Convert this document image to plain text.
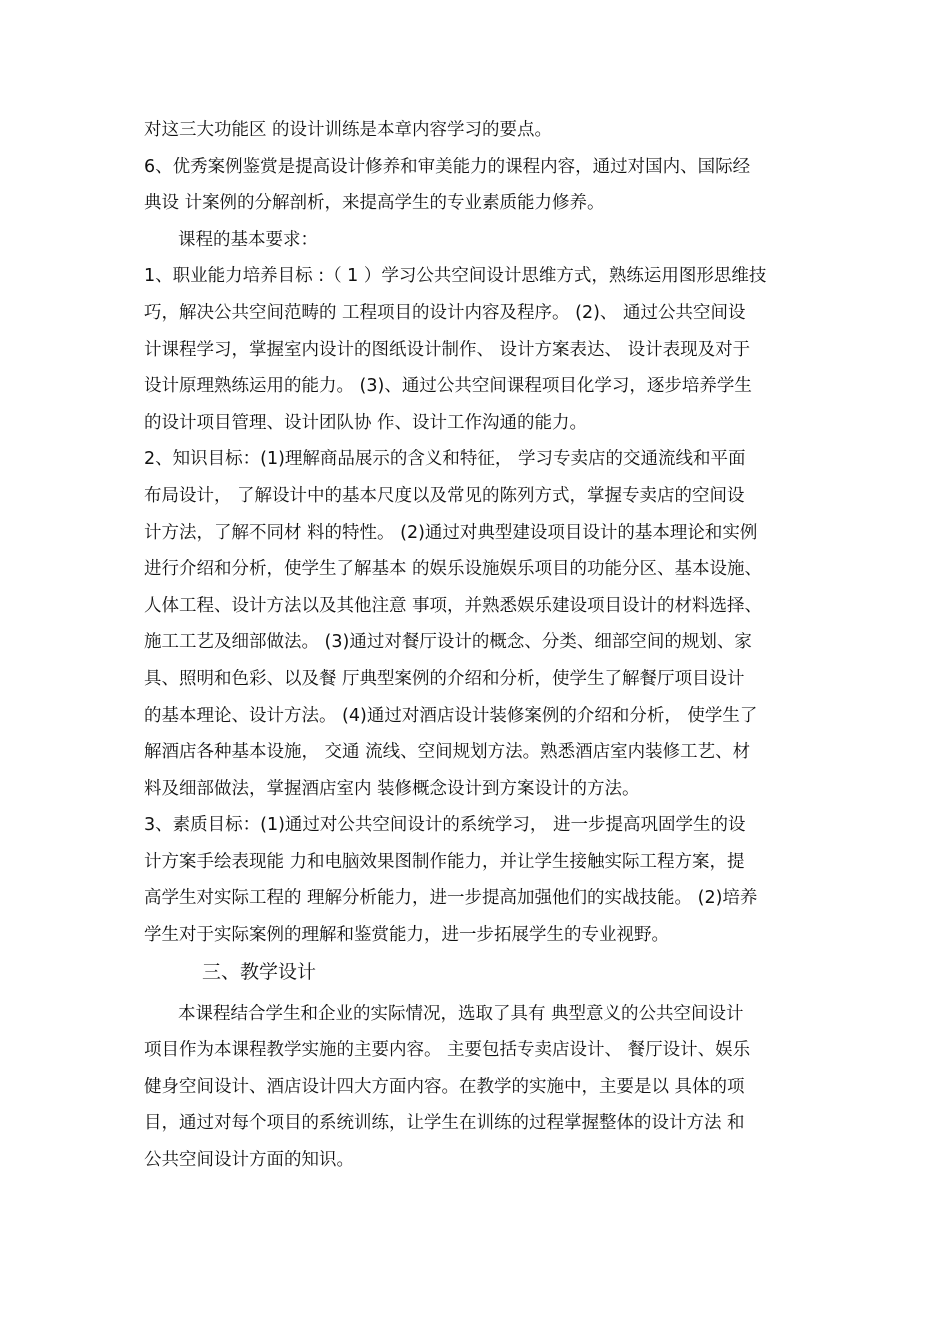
对这三大功能区 的设计训练是本章内容学习的要点。
6、优秀案例鉴赏是提高设计修养和审美能力的课程内容，通过对国内、国际经
典设 计案例的分解剖析，来提高学生的专业素质能力修养。
课程的基本要求：
1、职业能力培养目标 :（ 1 ）学习公共空间设计思维方式，熟练运用图形思维技
巧，解决公共空间范畴的 工程项目的设计内容及程序。 (2)、 通过公共空间设
计课程学习，掌握室内设计的图纸设计制作、 设计方案表达、 设计表现及对于
设计原理熟练运用的能力。 (3)、通过公共空间课程项目化学习，逐步培养学生
的设计项目管理、设计团队协 作、设计工作沟通的能力。
2、知识目标：(1)理解商品展示的含义和特征， 学习专卖店的交通流线和平面
布局设计， 了解设计中的基本尺度以及常见的陈列方式，掌握专卖店的空间设
计方法，了解不同材 料的特性。 (2)通过对典型建设项目设计的基本理论和实例
进行介绍和分析，使学生了解基本 的娱乐设施娱乐项目的功能分区、基本设施、
人体工程、设计方法以及其他注意 事项，并熟悉娱乐建设项目设计的材料选择、
施工工艺及细部做法。 (3)通过对餐厅设计的概念、分类、细部空间的规划、家
具、照明和色彩、以及餐 厅典型案例的介绍和分析，使学生了解餐厅项目设计
的基本理论、设计方法。 (4)通过对酒店设计装修案例的介绍和分析， 使学生了
解酒店各种基本设施， 交通 流线、空间规划方法。熟悉酒店室内装修工艺、材
料及细部做法，掌握酒店室内 装修概念设计到方案设计的方法。
3、素质目标：(1)通过对公共空间设计的系统学习， 进一步提高巩固学生的设
计方案手绘表现能 力和电脑效果图制作能力，并让学生接触实际工程方案，提
高学生对实际工程的 理解分析能力，进一步提高加强他们的实战技能。 (2)培养
学生对于实际案例的理解和鉴赏能力，进一步拓展学生的专业视野。
三、教学设计
本课程结合学生和企业的实际情况，选取了具有 典型意义的公共空间设计
项目作为本课程教学实施的主要内容。 主要包括专卖店设计、 餐厅设计、娱乐
健身空间设计、酒店设计四大方面内容。在教学的实施中，主要是以 具体的项
目，通过对每个项目的系统训练，让学生在训练的过程掌握整体的设计方法 和
公共空间设计方面的知识。
